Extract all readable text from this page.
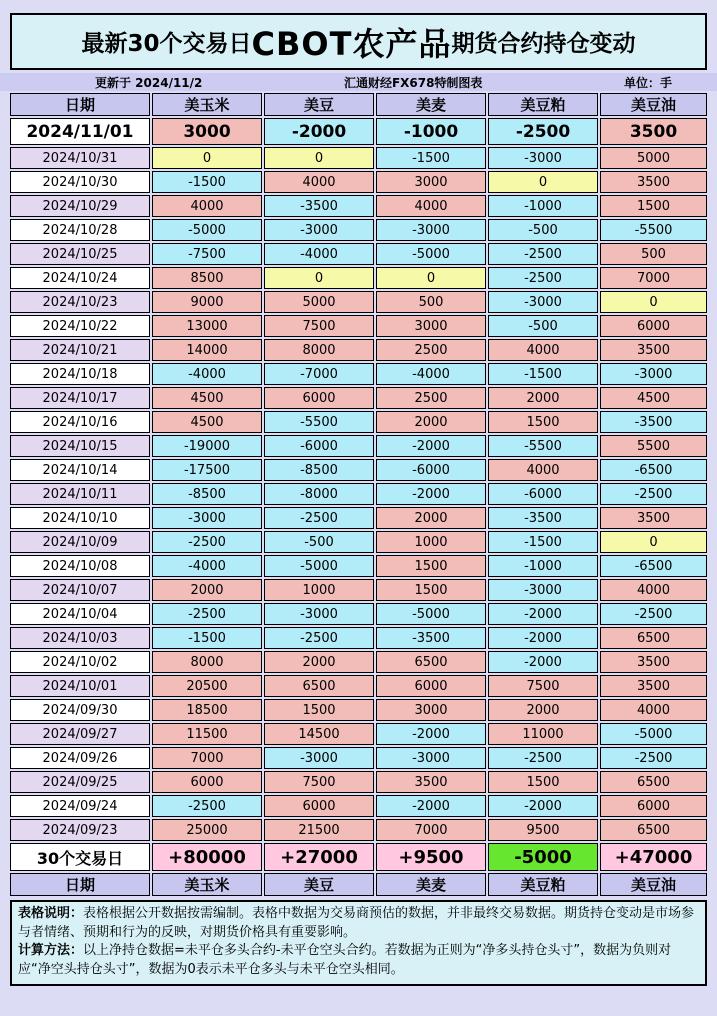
最新30个交易日 CBOT农产品 期货合约持仓变动
更新于 2024/11/2	汇通财经FX678特制图表	单位：手
日期	美玉米	美豆	美麦	美豆粕	美豆油
2024/11/01	3000	-2000	-1000	-2500	3500
2024/10/31	0	0	-1500	-3000	5000
2024/10/30	-1500	4000	3000	0	3500
2024/10/29	4000	-3500	4000	-1000	1500
2024/10/28	-5000	-3000	-3000	-500	-5500
2024/10/25	-7500	-4000	-5000	-2500	500
2024/10/24	8500	0	0	-2500	7000
2024/10/23	9000	5000	500	-3000	0
2024/10/22	13000	7500	3000	-500	6000
2024/10/21	14000	8000	2500	4000	3500
2024/10/18	-4000	-7000	-4000	-1500	-3000
2024/10/17	4500	6000	2500	2000	4500
2024/10/16	4500	-5500	2000	1500	-3500
2024/10/15	-19000	-6000	-2000	-5500	5500
2024/10/14	-17500	-8500	-6000	4000	-6500
2024/10/11	-8500	-8000	-2000	-6000	-2500
2024/10/10	-3000	-2500	2000	-3500	3500
2024/10/09	-2500	-500	1000	-1500	0
2024/10/08	-4000	-5000	1500	-1000	-6500
2024/10/07	2000	1000	1500	-3000	4000
2024/10/04	-2500	-3000	-5000	-2000	-2500
2024/10/03	-1500	-2500	-3500	-2000	6500
2024/10/02	8000	2000	6500	-2000	3500
2024/10/01	20500	6500	6000	7500	3500
2024/09/30	18500	1500	3000	2000	4000
2024/09/27	11500	14500	-2000	11000	-5000
2024/09/26	7000	-3000	-3000	-2500	-2500
2024/09/25	6000	7500	3500	1500	6500
2024/09/24	-2500	6000	-2000	-2000	6000
2024/09/23	25000	21500	7000	9500	6500
30个交易日	+80000	+27000	+9500	-5000	+47000
日期	美玉米	美豆	美麦	美豆粕	美豆油

表格说明：表格根据公开数据按需编制。表格中数据为交易商预估的数据，并非最终交易数据。期货持仓变动是市场参与者情绪、预期和行为的反映，对期货价格具有重要影响。

计算方法：以上净持仓数据=未平仓多头合约-未平仓空头合约。若数据为正则为“净多头持仓头寸”，数据为负则对应“净空头持仓头寸”，数据为0表示未平仓多头与未平仓空头相同。
